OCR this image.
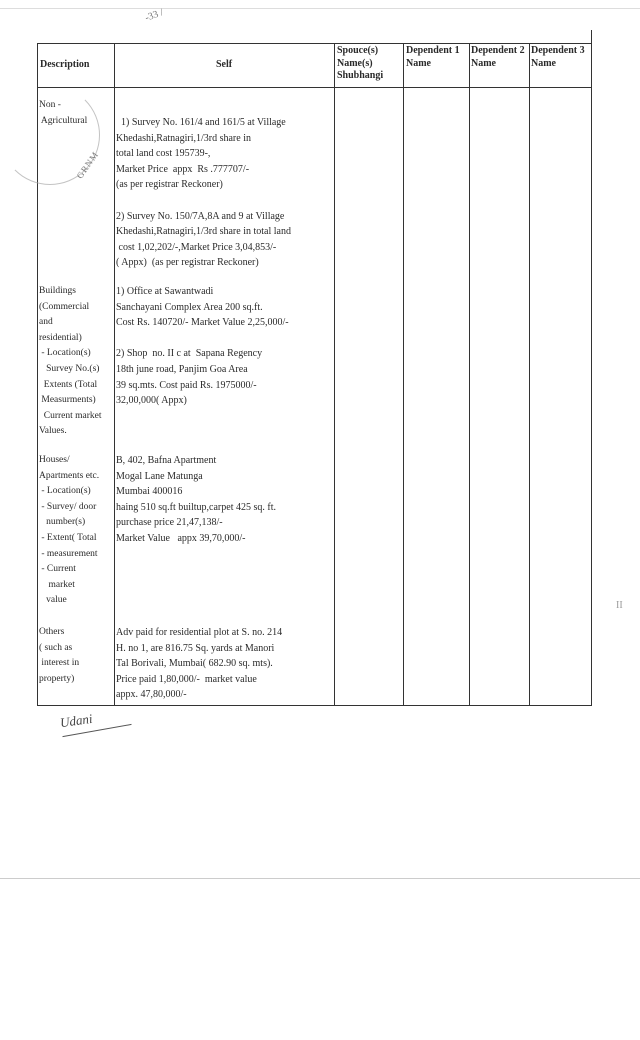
-33 /
Description	Self
Spouce(s)
Name(s)
Shubhangi
Dependent 1
Name
Dependent 2
Name
Dependent 3
Name
Non -
Agricultural	1) Survey No. 161/4 and 161/5 at Village
Khedashi,Ratnagiri,1/3rd share in
total land cost 195739-,
Market Price  appx  Rs .777707/-
(as per registrar Reckoner)

2) Survey No. 150/7A,8A and 9 at Village
Khedashi,Ratnagiri,1/3rd share in total land
cost 1,02,202/-,Market Price 3,04,853/-
( Appx)  (as per registrar Reckoner)
Buildings
(Commercial
and
residential)
- Location(s)
Survey No.(s)
Extents (Total
Measurments)
Current market
Values.
1) Office at Sawantwadi
Sanchayani Complex Area 200 sq.ft.
Cost Rs. 140720/- Market Value 2,25,000/-

2) Shop  no. II c at  Sapana Regency
18th june road, Panjim Goa Area
39 sq.mts. Cost paid Rs. 1975000/-
32,00,000( Appx)
Houses/
Apartments etc.
- Location(s)
- Survey/ door
number(s)
- Extent( Total
- measurement
- Current
market
value
B, 402, Bafna Apartment
Mogal Lane Matunga
Mumbai 400016
haing 510 sq.ft builtup,carpet 425 sq. ft.
purchase price 21,47,138/-
Market Value   appx 39,70,000/-
Others
( such as
interest in
property)
Adv paid for residential plot at S. no. 214
H. no 1, are 816.75 Sq. yards at Manori
Tal Borivali, Mumbai( 682.90 sq. mts).
Price paid 1,80,000/-  market value
appx. 47,80,000/-
GRNM
Udani
II
